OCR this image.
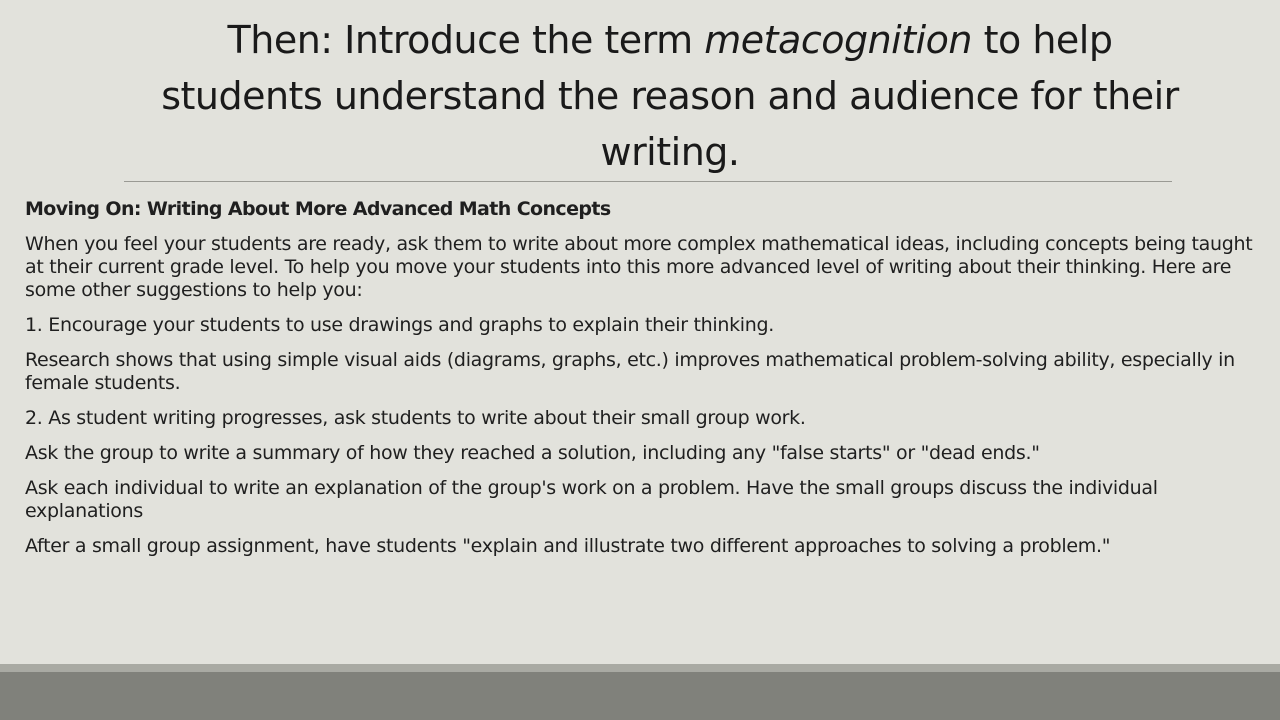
Then: Introduce the term metacognition to help students understand the reason and audience for their writing.

Moving On: Writing About More Advanced Math Concepts

When you feel your students are ready, ask them to write about more complex mathematical ideas, including concepts being taught at their current grade level. To help you move your students into this more advanced level of writing about their thinking. Here are some other suggestions to help you:

1. Encourage your students to use drawings and graphs to explain their thinking.

Research shows that using simple visual aids (diagrams, graphs, etc.) improves mathematical problem-solving ability, especially in female students.

2. As student writing progresses, ask students to write about their small group work.

Ask the group to write a summary of how they reached a solution, including any "false starts" or "dead ends."

Ask each individual to write an explanation of the group's work on a problem. Have the small groups discuss the individual explanations

After a small group assignment, have students "explain and illustrate two different approaches to solving a problem."
